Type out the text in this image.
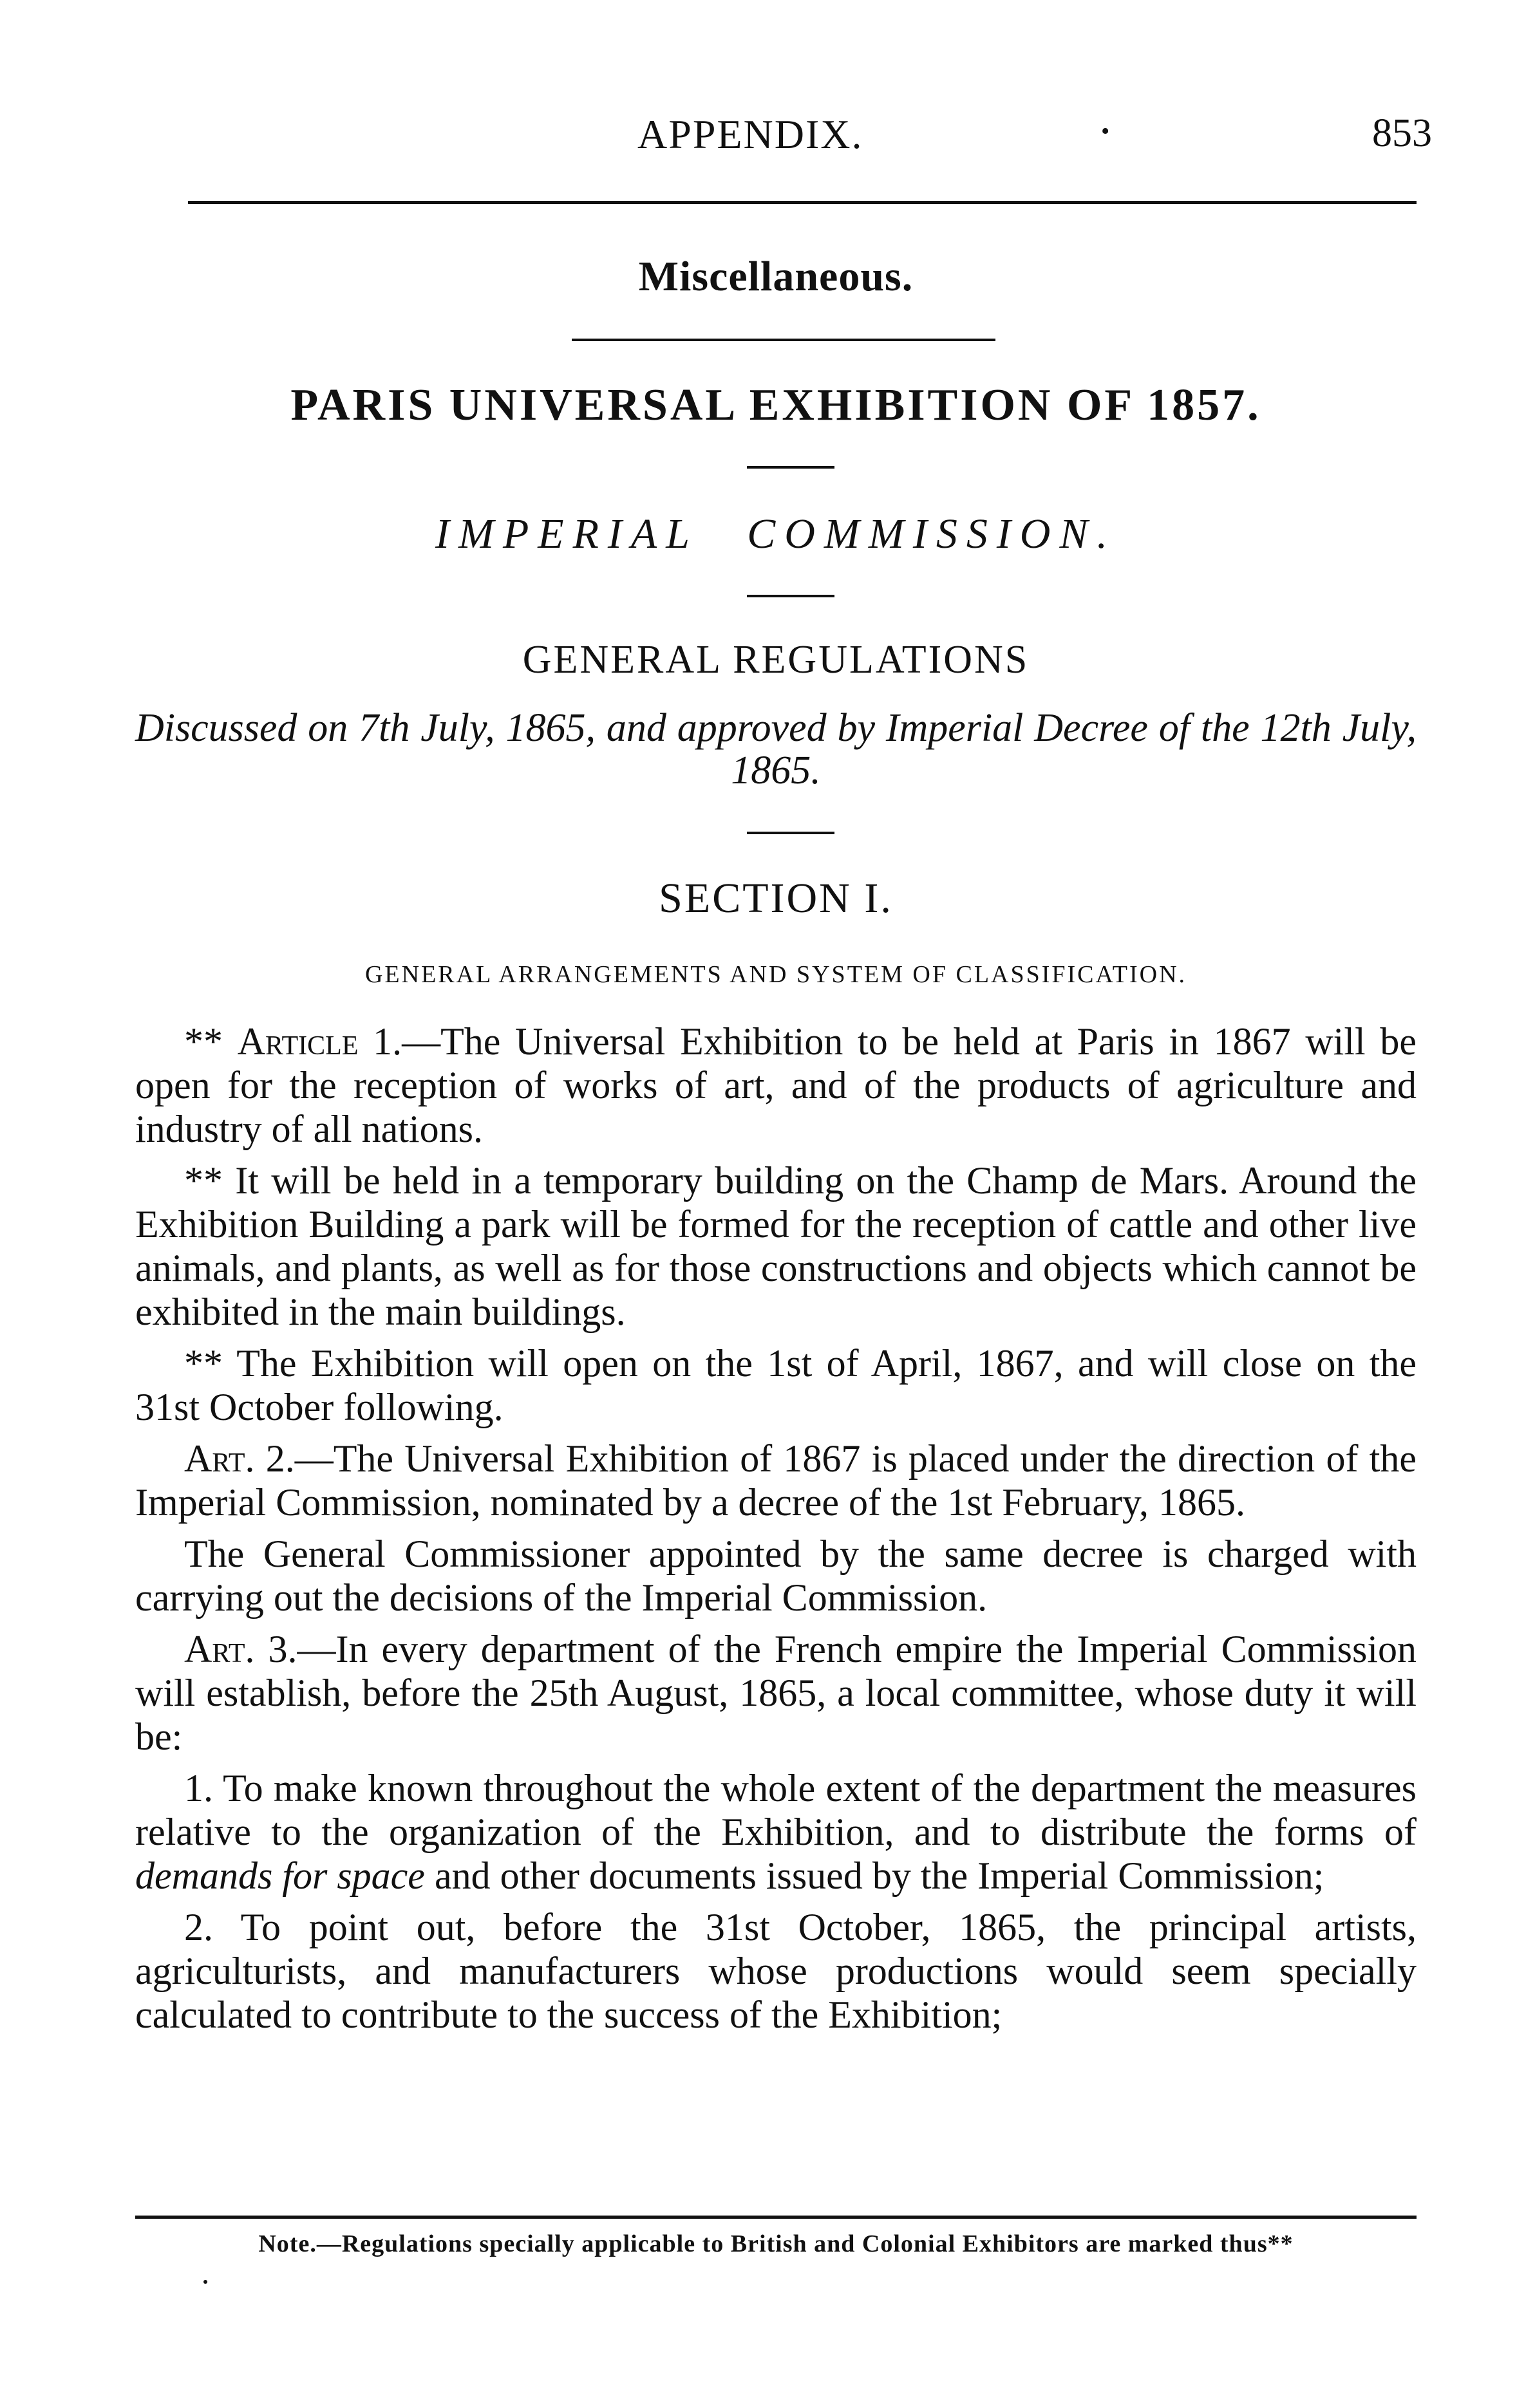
APPENDIX.	•	853
Miscellaneous.
PARIS UNIVERSAL EXHIBITION OF 1857.
IMPERIAL COMMISSION.
GENERAL REGULATIONS
Discussed on 7th July, 1865, and approved by Imperial Decree of the 12th July, 1865.
SECTION I.
GENERAL ARRANGEMENTS AND SYSTEM OF CLASSIFICATION.

** Article 1.—The Universal Exhibition to be held at Paris in 1867 will be open for the reception of works of art, and of the products of agriculture and industry of all nations.

** It will be held in a temporary building on the Champ de Mars. Around the Exhibition Building a park will be formed for the reception of cattle and other live animals, and plants, as well as for those constructions and objects which cannot be exhibited in the main buildings.

** The Exhibition will open on the 1st of April, 1867, and will close on the 31st October following.

Art. 2.—The Universal Exhibition of 1867 is placed under the direction of the Imperial Commission, nominated by a decree of the 1st February, 1865.

The General Commissioner appointed by the same decree is charged with carrying out the decisions of the Imperial Commission.

Art. 3.—In every department of the French empire the Imperial Commission will establish, before the 25th August, 1865, a local committee, whose duty it will be:

1. To make known throughout the whole extent of the department the measures relative to the organization of the Exhibition, and to distribute the forms of demands for space and other documents issued by the Imperial Commission;

2. To point out, before the 31st October, 1865, the principal artists, agriculturists, and manufacturers whose productions would seem specially calculated to contribute to the success of the Exhibition;

Note.—Regulations specially applicable to British and Colonial Exhibitors are marked thus**
